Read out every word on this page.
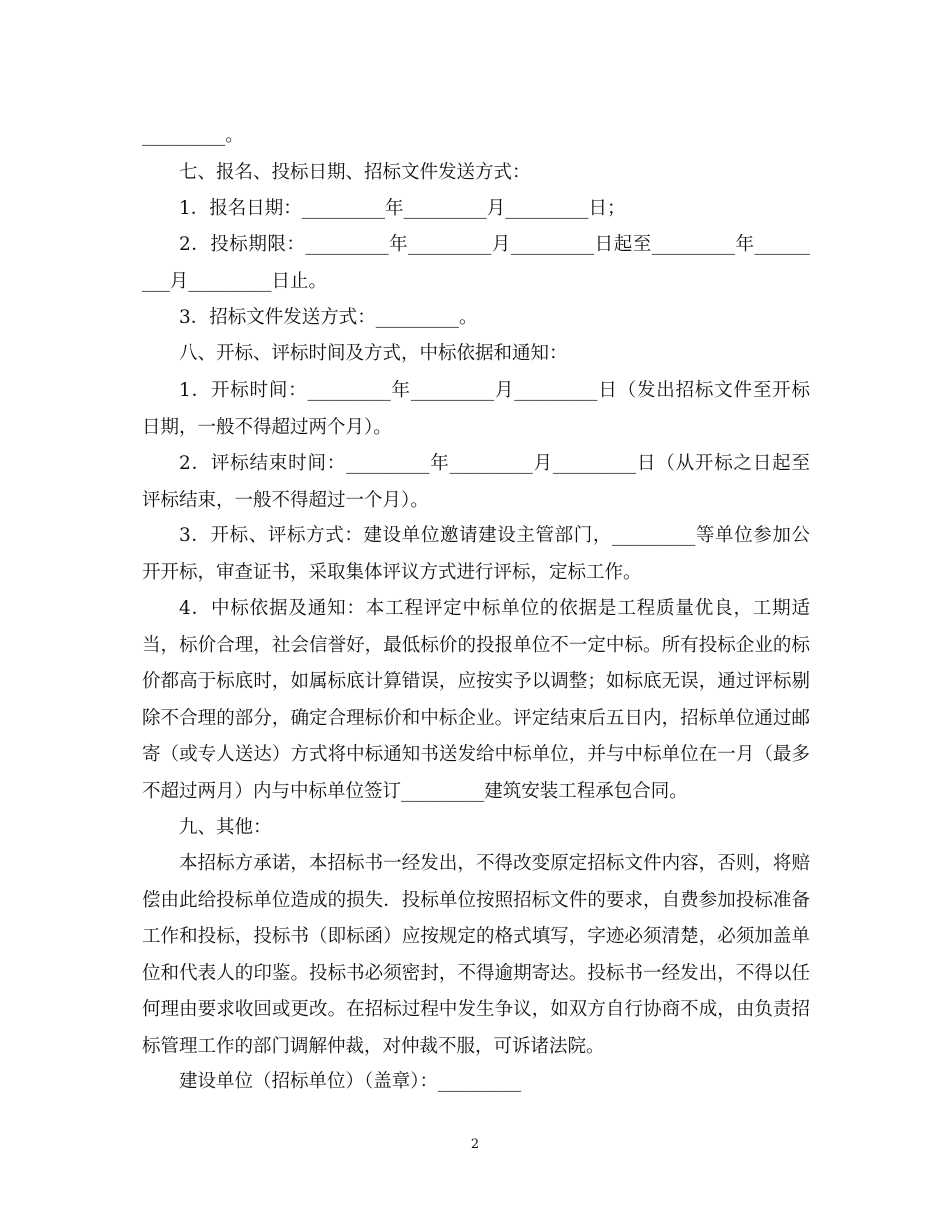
_________。

七、报名、投标日期、招标文件发送方式：

1．报名日期：_________年_________月_________日；

2．投标期限：_________年_________月_________日起至_________年_________月_________日止。

3．招标文件发送方式：_________。

八、开标、评标时间及方式，中标依据和通知：

1．开标时间：_________年_________月_________日（发出招标文件至开标日期，一般不得超过两个月）。

2．评标结束时间：_________年_________月_________日（从开标之日起至评标结束，一般不得超过一个月）。

3．开标、评标方式：建设单位邀请建设主管部门，_________等单位参加公开开标，审查证书，采取集体评议方式进行评标，定标工作。

4．中标依据及通知：本工程评定中标单位的依据是工程质量优良，工期适当，标价合理，社会信誉好，最低标价的投报单位不一定中标。所有投标企业的标价都高于标底时，如属标底计算错误，应按实予以调整；如标底无误，通过评标剔除不合理的部分，确定合理标价和中标企业。评定结束后五日内，招标单位通过邮寄（或专人送达）方式将中标通知书送发给中标单位，并与中标单位在一月（最多不超过两月）内与中标单位签订_________建筑安装工程承包合同。

九、其他：

本招标方承诺，本招标书一经发出，不得改变原定招标文件内容，否则，将赔偿由此给投标单位造成的损失．投标单位按照招标文件的要求，自费参加投标准备工作和投标，投标书（即标函）应按规定的格式填写，字迹必须清楚，必须加盖单位和代表人的印鉴。投标书必须密封，不得逾期寄达。投标书一经发出，不得以任何理由要求收回或更改。在招标过程中发生争议，如双方自行协商不成，由负责招标管理工作的部门调解仲裁，对仲裁不服，可诉诸法院。

建设单位（招标单位）（盖章）：_________

2
